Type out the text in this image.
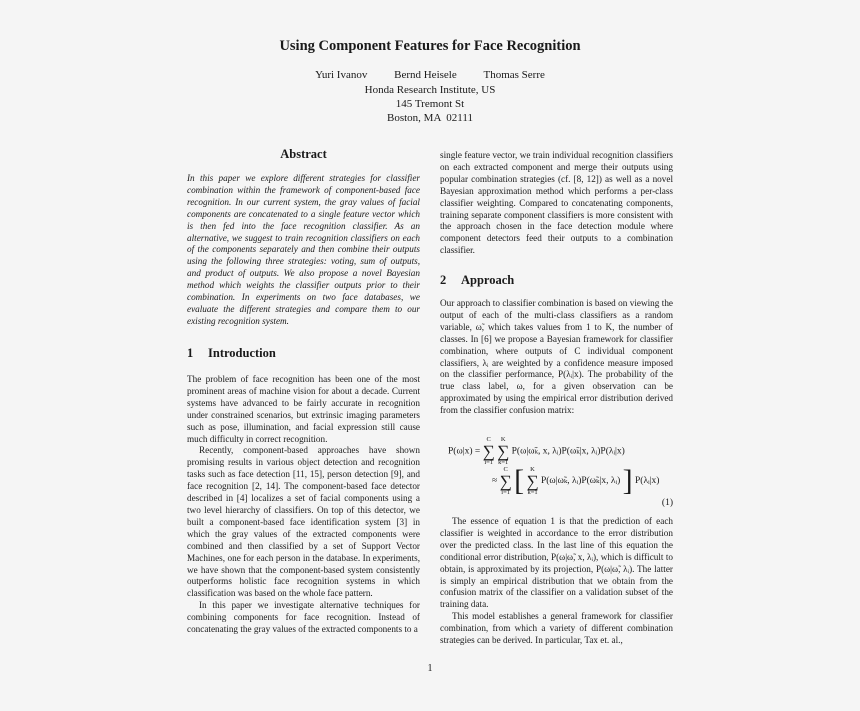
Using Component Features for Face Recognition
Yuri Ivanov Bernd Heisele Thomas Serre
Honda Research Institute, US
145 Tremont St
Boston, MA  02111
Abstract
In this paper we explore different strategies for classifier combination within the framework of component-based face recognition. In our current system, the gray values of facial components are concatenated to a single feature vector which is then fed into the face recognition classifier. As an alternative, we suggest to train recognition classifiers on each of the components separately and then combine their outputs using the following three strategies: voting, sum of outputs, and product of outputs. We also propose a novel Bayesian method which weights the classifier outputs prior to their combination. In experiments on two face databases, we evaluate the different strategies and compare them to our existing recognition system.
1 Introduction

The problem of face recognition has been one of the most prominent areas of machine vision for about a decade. Current systems have advanced to be fairly accurate in recognition under constrained scenarios, but extrinsic imaging parameters such as pose, illumination, and facial expression still cause much difficulty in correct recognition.

Recently, component-based approaches have shown promising results in various object detection and recognition tasks such as face detection [11, 15], person detection [9], and face recognition [2, 14]. The component-based face detector described in [4] localizes a set of facial components using a two level hierarchy of classifiers. On top of this detector, we built a component-based face identification system [3] in which the gray values of the extracted components were combined and then classified by a set of Support Vector Machines, one for each person in the database. In experiments, we have shown that the component-based system consistently outperforms holistic face recognition systems in which classification was based on the whole face pattern.

In this paper we investigate alternative techniques for combining components for face recognition. Instead of concatenating the gray values of the extracted components to a

single feature vector, we train individual recognition classifiers on each extracted component and merge their outputs using popular combination strategies (cf. [8, 12]) as well as a novel Bayesian approximation method which performs a per-class classifier weighting. Compared to concatenating components, training separate component classifiers is more consistent with the approach chosen in the face detection module where component detectors feed their outputs to a combination classifier.
2 Approach
Our approach to classifier combination is based on viewing the output of each of the multi-class classifiers as a random variable, ω̃, which takes values from 1 to K, the number of classes. In [6] we propose a Bayesian framework for classifier combination, where outputs of C individual component classifiers, λᵢ are weighted by a confidence measure imposed on the classifier performance, P(λᵢ|x). The probability of the true class label, ω, for a given observation can be approximated by using the empirical error distribution derived from the classifier confusion matrix:
P(ω|x) =
C
∑
i=1

K
∑
k=1
P(ω|ω̃ₖ, x, λᵢ)P(ω̃ₖ|x, λᵢ)P(λᵢ|x)
≈
C
∑
i=1 [ K
∑
k=1
P(ω|ω̃ₖ, λᵢ)P(ω̃ₖ|x, λᵢ) ] P(λᵢ|x)
(1)

The essence of equation 1 is that the prediction of each classifier is weighted in accordance to the error distribution over the predicted class. In the last line of this equation the conditional error distribution, P(ω|ω̃, x, λᵢ), which is difficult to obtain, is approximated by its projection, P(ω|ω̃, λᵢ). The latter is simply an empirical distribution that we obtain from the confusion matrix of the classifier on a validation subset of the training data.

This model establishes a general framework for classifier combination, from which a variety of different combination strategies can be derived. In particular, Tax et. al.,

1
